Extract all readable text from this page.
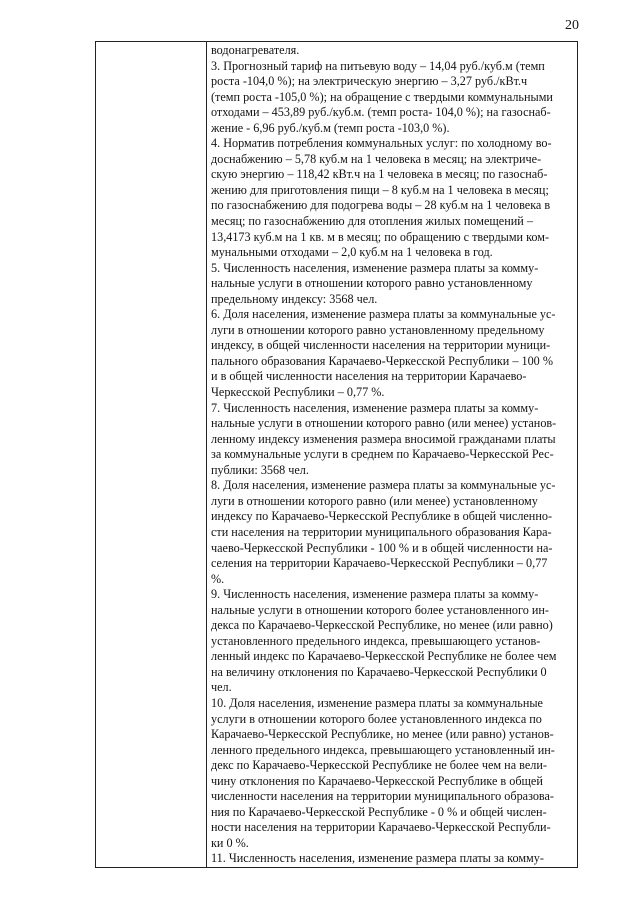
20
водонагревателя.
3. Прогнозный тариф на питьевую воду – 14,04 руб./куб.м (темп
роста -104,0 %); на электрическую энергию – 3,27 руб./кВт.ч
(темп роста -105,0 %); на обращение с твердыми коммунальными
отходами – 453,89 руб./куб.м. (темп роста- 104,0 %); на газоснаб-
жение - 6,96 руб./куб.м (темп роста -103,0 %).
4. Норматив потребления коммунальных услуг: по холодному во-
доснабжению – 5,78 куб.м на 1 человека в месяц; на электриче-
скую энергию – 118,42 кВт.ч на 1 человека в месяц; по газоснаб-
жению для приготовления пищи – 8 куб.м на 1 человека в месяц;
по газоснабжению для подогрева воды – 28 куб.м на 1 человека в
месяц; по газоснабжению для отопления жилых помещений –
13,4173 куб.м на 1 кв. м в месяц; по обращению с твердыми ком-
мунальными отходами – 2,0 куб.м на 1 человека в год.
5. Численность населения, изменение размера платы за комму-
нальные услуги в отношении которого равно установленному
предельному индексу: 3568 чел.
6. Доля населения, изменение размера платы за коммунальные ус-
луги в отношении которого равно установленному предельному
индексу, в общей численности населения на территории муници-
пального образования Карачаево-Черкесской Республики – 100 %
и в общей численности населения на территории Карачаево-
Черкесской Республики – 0,77 %.
7. Численность населения, изменение размера платы за комму-
нальные услуги в отношении которого равно (или менее) установ-
ленному индексу изменения размера вносимой гражданами платы
за коммунальные услуги в среднем по Карачаево-Черкесской Рес-
публики: 3568 чел.
8. Доля населения, изменение размера платы за коммунальные ус-
луги в отношении которого равно (или менее) установленному
индексу по Карачаево-Черкесской Республике в общей численно-
сти населения на территории муниципального образования Кара-
чаево-Черкесской Республики - 100 % и в общей численности на-
селения на территории Карачаево-Черкесской Республики – 0,77
%.
9. Численность населения, изменение размера платы за комму-
нальные услуги в отношении которого более установленного ин-
декса по Карачаево-Черкесской Республике, но менее (или равно)
установленного предельного индекса, превышающего установ-
ленный индекс по Карачаево-Черкесской Республике не более чем
на величину отклонения по Карачаево-Черкесской Республики 0
чел.
10. Доля населения, изменение размера платы за коммунальные
услуги в отношении которого более установленного индекса по
Карачаево-Черкесской Республике, но менее (или равно) установ-
ленного предельного индекса, превышающего установленный ин-
декс по Карачаево-Черкесской Республике не более чем на вели-
чину отклонения по Карачаево-Черкесской Республике в общей
численности населения на территории муниципального образова-
ния по Карачаево-Черкесской Республике - 0 % и общей числен-
ности населения на территории Карачаево-Черкесской Республи-
ки 0 %.
11. Численность населения, изменение размера платы за комму-
